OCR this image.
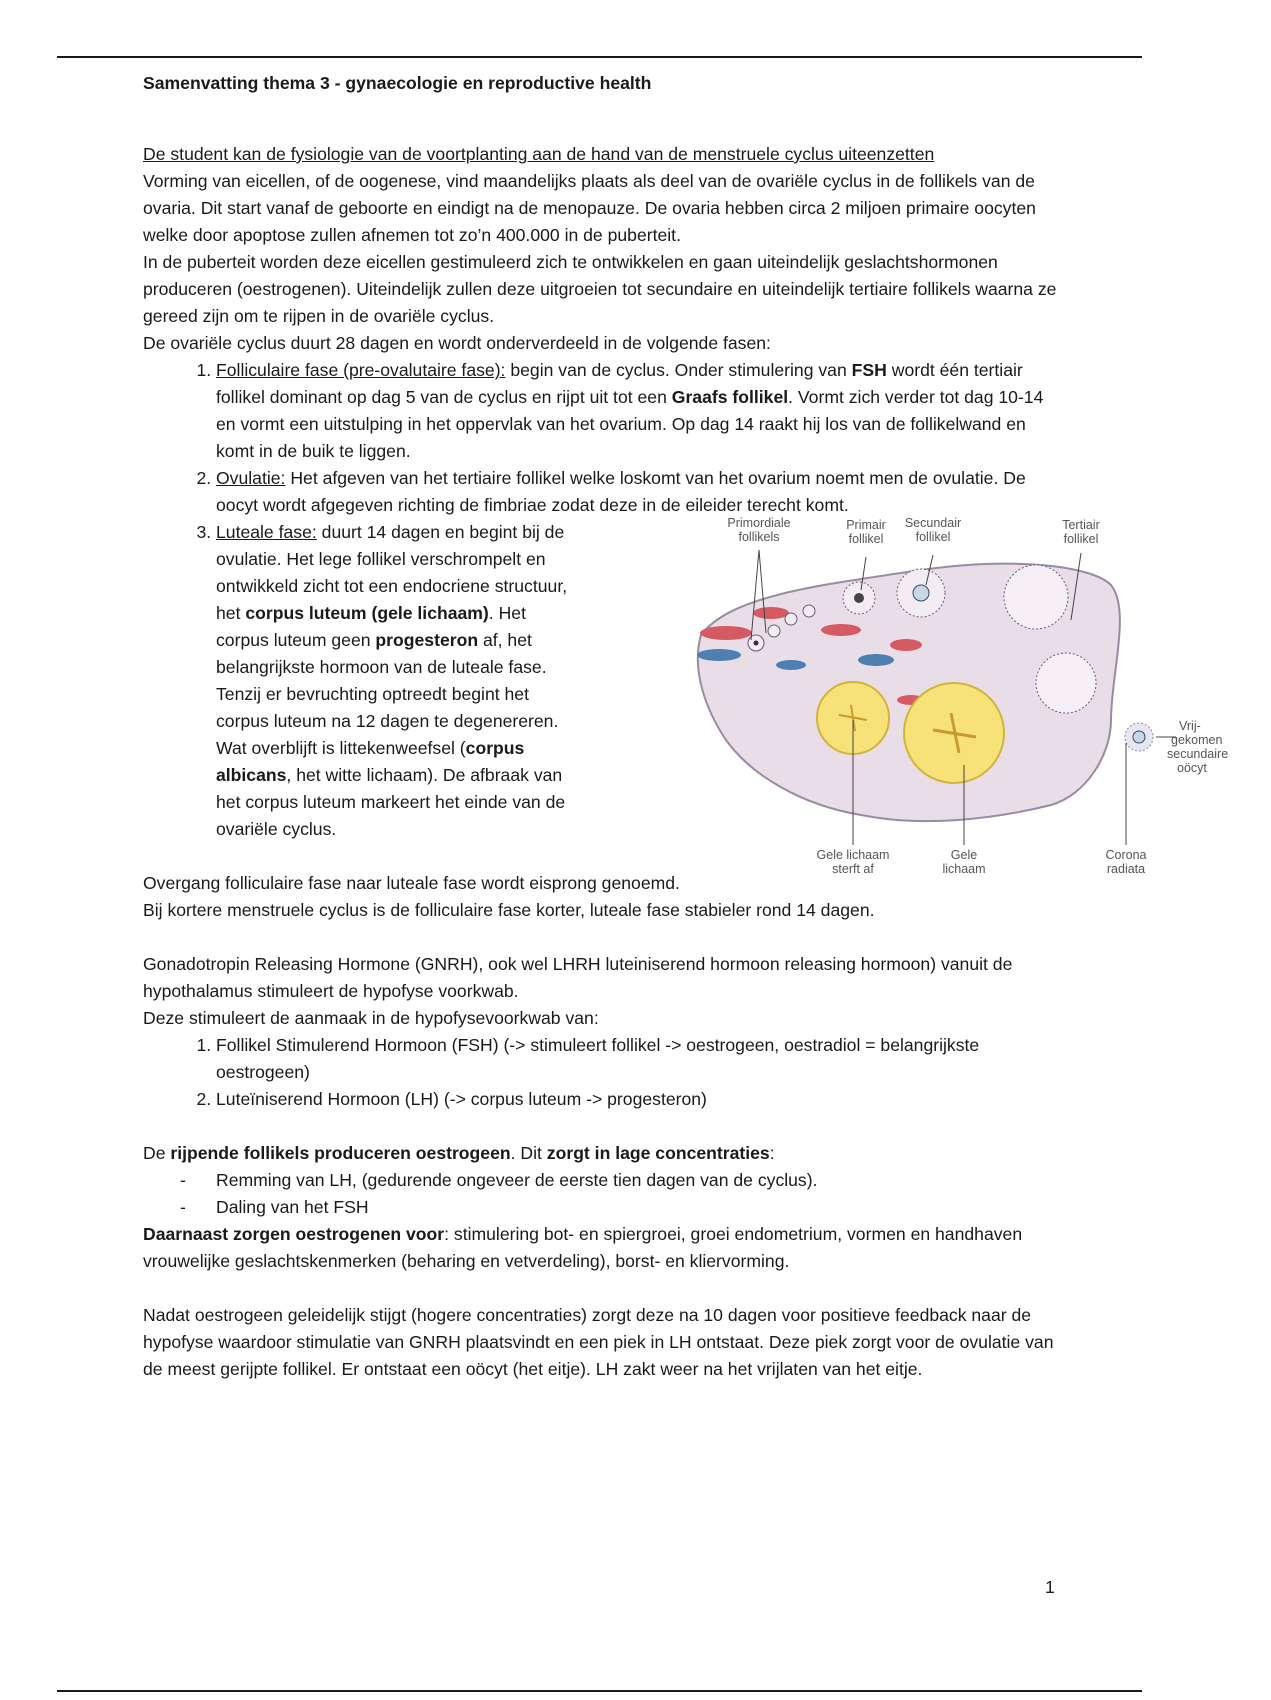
Samenvatting thema 3 - gynaecologie en reproductive health

De student kan de fysiologie van de voortplanting aan de hand van de menstruele cyclus uiteenzetten

Vorming van eicellen, of de oogenese, vind maandelijks plaats als deel van de ovariële cyclus in de follikels van de ovaria. Dit start vanaf de geboorte en eindigt na de menopauze. De ovaria hebben circa 2 miljoen primaire oocyten welke door apoptose zullen afnemen tot zo’n 400.000 in de puberteit.

In de puberteit worden deze eicellen gestimuleerd zich te ontwikkelen en gaan uiteindelijk geslachtshormonen produceren (oestrogenen). Uiteindelijk zullen deze uitgroeien tot secundaire en uiteindelijk tertiaire follikels waarna ze gereed zijn om te rijpen in de ovariële cyclus.

De ovariële cyclus duurt 28 dagen en wordt onderverdeeld in de volgende fasen:

1. Folliculaire fase (pre-ovalutaire fase): begin van de cyclus. Onder stimulering van FSH wordt één tertiair follikel dominant op dag 5 van de cyclus en rijpt uit tot een Graafs follikel. Vormt zich verder tot dag 10-14 en vormt een uitstulping in het oppervlak van het ovarium. Op dag 14 raakt hij los van de follikelwand en komt in de buik te liggen.
2. Ovulatie: Het afgeven van het tertiaire follikel welke loskomt van het ovarium noemt men de ovulatie. De oocyt wordt afgegeven richting de fimbriae zodat deze in de eileider terecht komt.
3. Luteale fase: duurt 14 dagen en begint bij de ovulatie. Het lege follikel verschrompelt en ontwikkeld zicht tot een endocriene structuur, het corpus luteum (gele lichaam). Het corpus luteum geen progesteron af, het belangrijkste hormoon van de luteale fase. Tenzij er bevruchting optreedt begint het corpus luteum na 12 dagen te degenereren. Wat overblijft is littekenweefsel (corpus albicans, het witte lichaam). De afbraak van het corpus luteum markeert het einde van de ovariële cyclus.
Primordiale follikels
Primair follikel
Secundair follikel
Tertiair follikel
Vrij-gekomen secundaire oöcyt
Gele lichaam sterft af
Gele lichaam
Corona radiata

Overgang folliculaire fase naar luteale fase wordt eisprong genoemd.

Bij kortere menstruele cyclus is de folliculaire fase korter, luteale fase stabieler rond 14 dagen.

Gonadotropin Releasing Hormone (GNRH), ook wel LHRH luteiniserend hormoon releasing hormoon) vanuit de hypothalamus stimuleert de hypofyse voorkwab.

Deze stimuleert de aanmaak in de hypofysevoorkwab van:

1. Follikel Stimulerend Hormoon (FSH) (-> stimuleert follikel -> oestrogeen, oestradiol = belangrijkste oestrogeen)
2. Luteïniserend Hormoon (LH) (-> corpus luteum -> progesteron)

De rijpende follikels produceren oestrogeen. Dit zorgt in lage concentraties:

- Remming van LH, (gedurende ongeveer de eerste tien dagen van de cyclus).
- Daling van het FSH

Daarnaast zorgen oestrogenen voor: stimulering bot- en spiergroei, groei endometrium, vormen en handhaven vrouwelijke geslachtskenmerken (beharing en vetverdeling), borst- en kliervorming.

Nadat oestrogeen geleidelijk stijgt (hogere concentraties) zorgt deze na 10 dagen voor positieve feedback naar de hypofyse waardoor stimulatie van GNRH plaatsvindt en een piek in LH ontstaat. Deze piek zorgt voor de ovulatie van de meest gerijpte follikel. Er ontstaat een oöcyt (het eitje). LH zakt weer na het vrijlaten van het eitje.

1
